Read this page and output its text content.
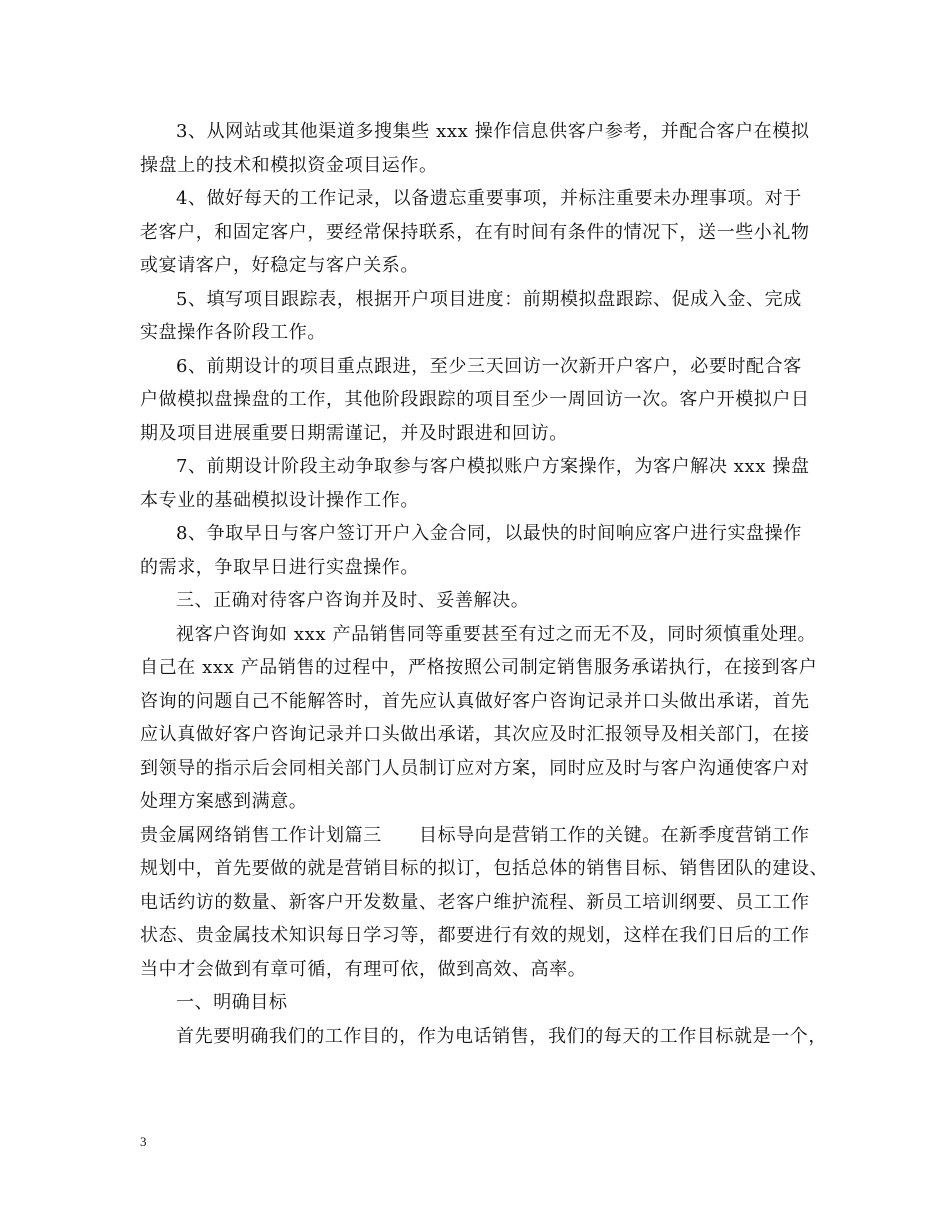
3、从网站或其他渠道多搜集些 xxx 操作信息供客户参考，并配合客户在模拟
操盘上的技术和模拟资金项目运作。
4、做好每天的工作记录，以备遗忘重要事项，并标注重要未办理事项。对于
老客户，和固定客户，要经常保持联系，在有时间有条件的情况下，送一些小礼物
或宴请客户，好稳定与客户关系。
5、填写项目跟踪表，根据开户项目进度：前期模拟盘跟踪、促成入金、完成
实盘操作各阶段工作。
6、前期设计的项目重点跟进，至少三天回访一次新开户客户，必要时配合客
户做模拟盘操盘的工作，其他阶段跟踪的项目至少一周回访一次。客户开模拟户日
期及项目进展重要日期需谨记，并及时跟进和回访。
7、前期设计阶段主动争取参与客户模拟账户方案操作，为客户解决 xxx 操盘
本专业的基础模拟设计操作工作。
8、争取早日与客户签订开户入金合同，以最快的时间响应客户进行实盘操作
的需求，争取早日进行实盘操作。
三、正确对待客户咨询并及时、妥善解决。
视客户咨询如 xxx 产品销售同等重要甚至有过之而无不及，同时须慎重处理。
自己在 xxx 产品销售的过程中，严格按照公司制定销售服务承诺执行，在接到客户
咨询的问题自己不能解答时，首先应认真做好客户咨询记录并口头做出承诺，首先
应认真做好客户咨询记录并口头做出承诺，其次应及时汇报领导及相关部门，在接
到领导的指示后会同相关部门人员制订应对方案，同时应及时与客户沟通使客户对
处理方案感到满意。
贵金属网络销售工作计划篇三　　目标导向是营销工作的关键。在新季度营销工作
规划中，首先要做的就是营销目标的拟订，包括总体的销售目标、销售团队的建设、
电话约访的数量、新客户开发数量、老客户维护流程、新员工培训纲要、员工工作
状态、贵金属技术知识每日学习等，都要进行有效的规划，这样在我们日后的工作
当中才会做到有章可循，有理可依，做到高效、高率。
一、明确目标
首先要明确我们的工作目的，作为电话销售，我们的每天的工作目标就是一个，
3
